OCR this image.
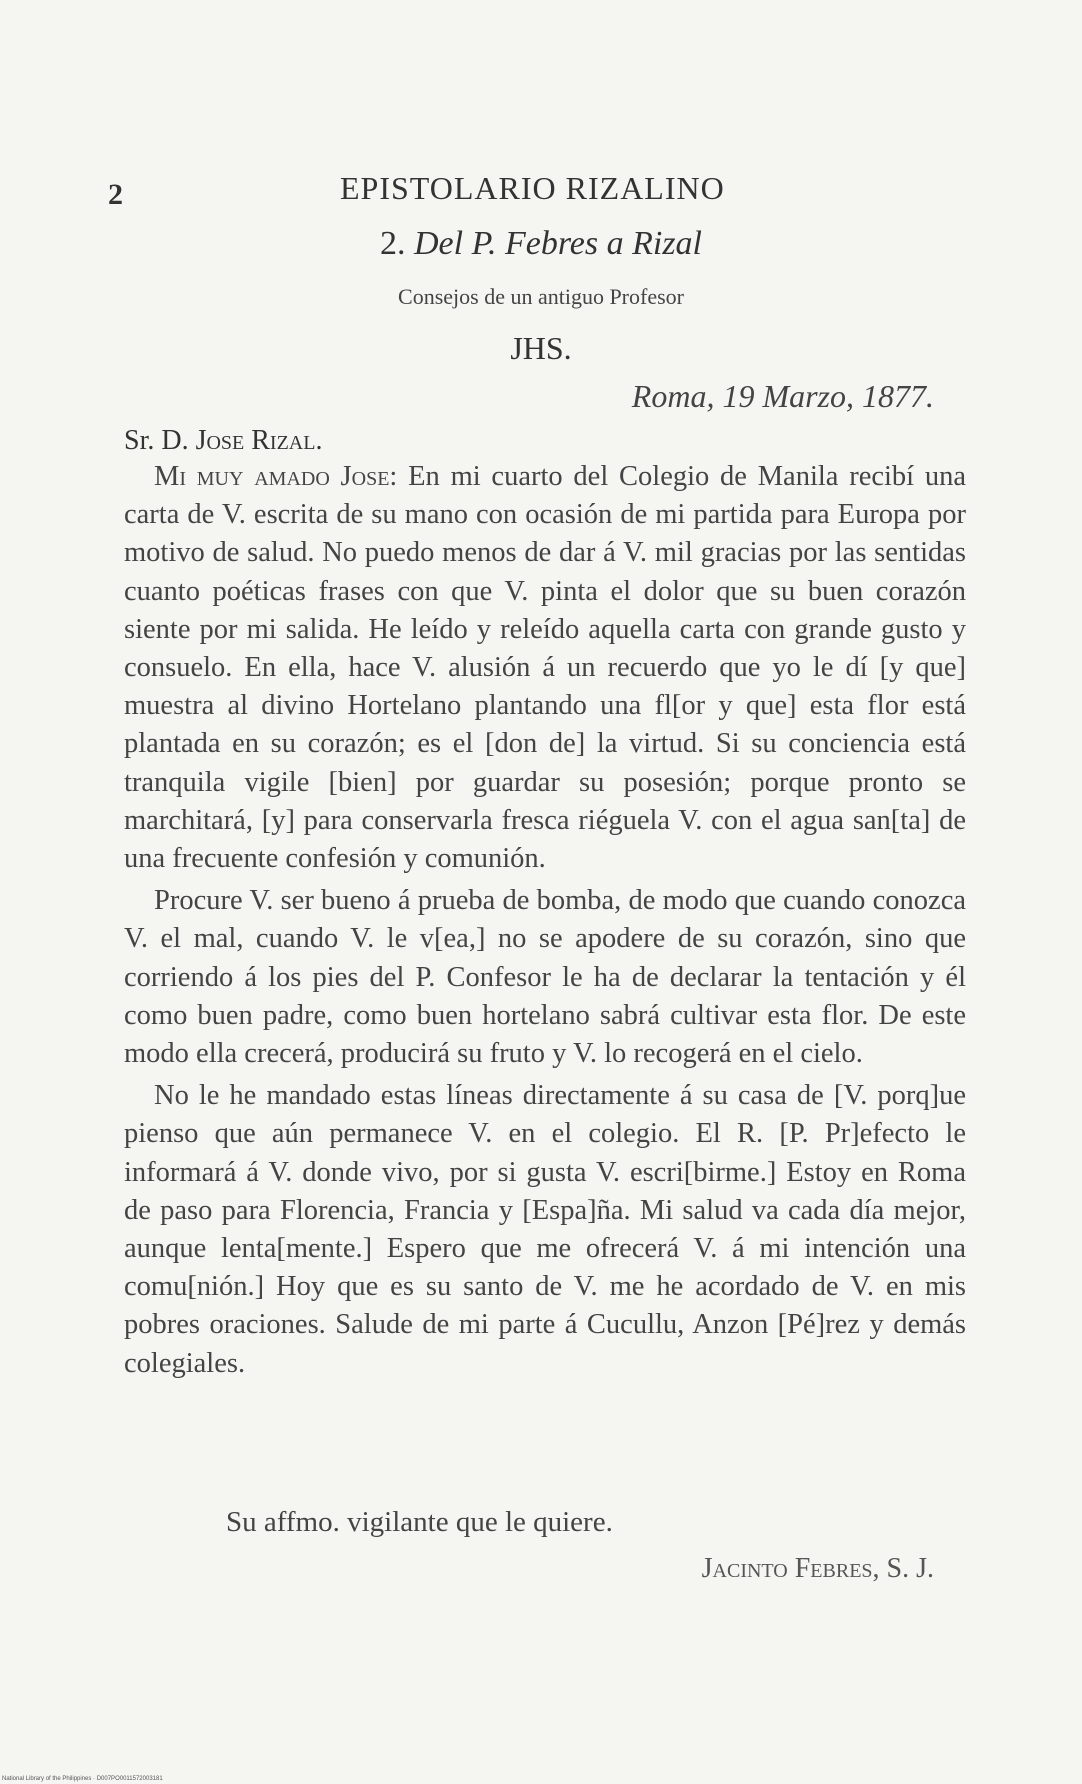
2	EPISTOLARIO RIZALINO
2. Del P. Febres a Rizal
Consejos de un antiguo Profesor
JHS.
Roma, 19 Marzo, 1877.
Sr. D. Jose Rizal.

Mi muy amado Jose: En mi cuarto del Colegio de Manila recibí una carta de V. escrita de su mano con ocasión de mi partida para Europa por motivo de salud. No puedo menos de dar á V. mil gracias por las sentidas cuanto poéticas frases con que V. pinta el dolor que su buen corazón siente por mi salida. He leído y releído aquella carta con grande gusto y consuelo. En ella, hace V. alusión á un recuerdo que yo le dí [y que] muestra al divino Hortelano plantando una fl[or y que] esta flor está plantada en su corazón; es el [don de] la virtud. Si su conciencia está tranquila vigile [bien] por guardar su posesión; porque pronto se marchitará, [y] para conservarla fresca riéguela V. con el agua san[ta] de una frecuente confesión y comunión.

Procure V. ser bueno á prueba de bomba, de modo que cuando conozca V. el mal, cuando V. le v[ea,] no se apodere de su corazón, sino que corriendo á los pies del P. Confesor le ha de declarar la tentación y él como buen padre, como buen hortelano sabrá cultivar esta flor. De este modo ella crecerá, producirá su fruto y V. lo recogerá en el cielo.

No le he mandado estas líneas directamente á su casa de [V. porq]ue pienso que aún permanece V. en el colegio. El R. [P. Pr]efecto le informará á V. donde vivo, por si gusta V. escri[birme.] Estoy en Roma de paso para Florencia, Francia y [Espa]ña. Mi salud va cada día mejor, aunque lenta[mente.] Espero que me ofrecerá V. á mi intención una comu[nión.] Hoy que es su santo de V. me he acordado de V. en mis pobres oraciones. Salude de mi parte á Cucullu, Anzon [Pé]rez y demás colegiales.

Su affmo. vigilante que le quiere.
Jacinto Febres, S. J.
National Library of the Philippines · D007PO0011572003181
